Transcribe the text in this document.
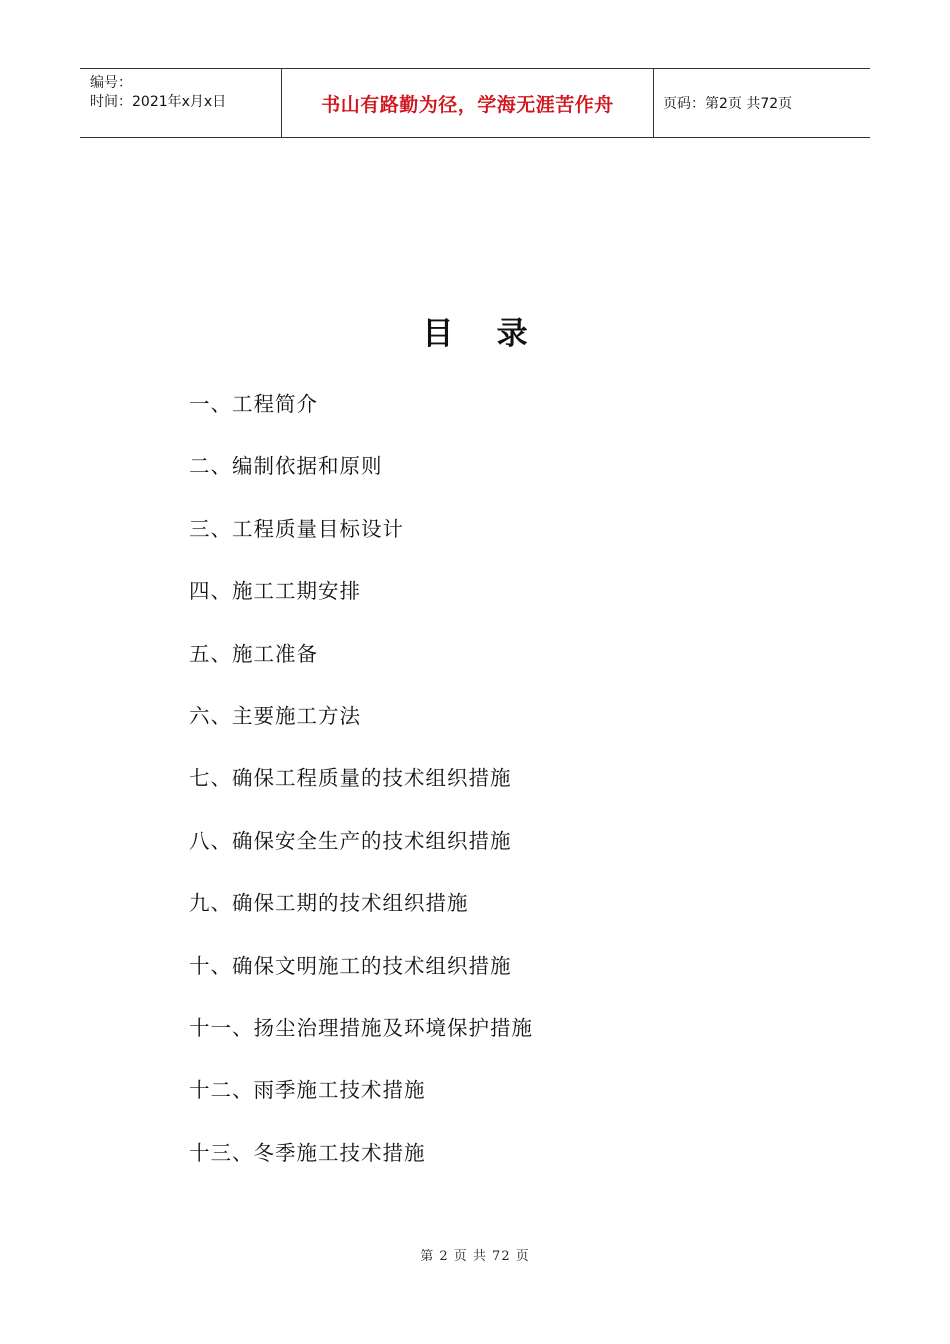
编号：
时间：2021年x月x日	书山有路勤为径，学海无涯苦作舟	页码：第2页 共72页
目    录
一、工程简介
二、编制依据和原则
三、工程质量目标设计
四、施工工期安排
五、施工准备
六、主要施工方法
七、确保工程质量的技术组织措施
八、确保安全生产的技术组织措施
九、确保工期的技术组织措施
十、确保文明施工的技术组织措施
十一、扬尘治理措施及环境保护措施
十二、雨季施工技术措施
十三、冬季施工技术措施
第 2 页 共 72 页
